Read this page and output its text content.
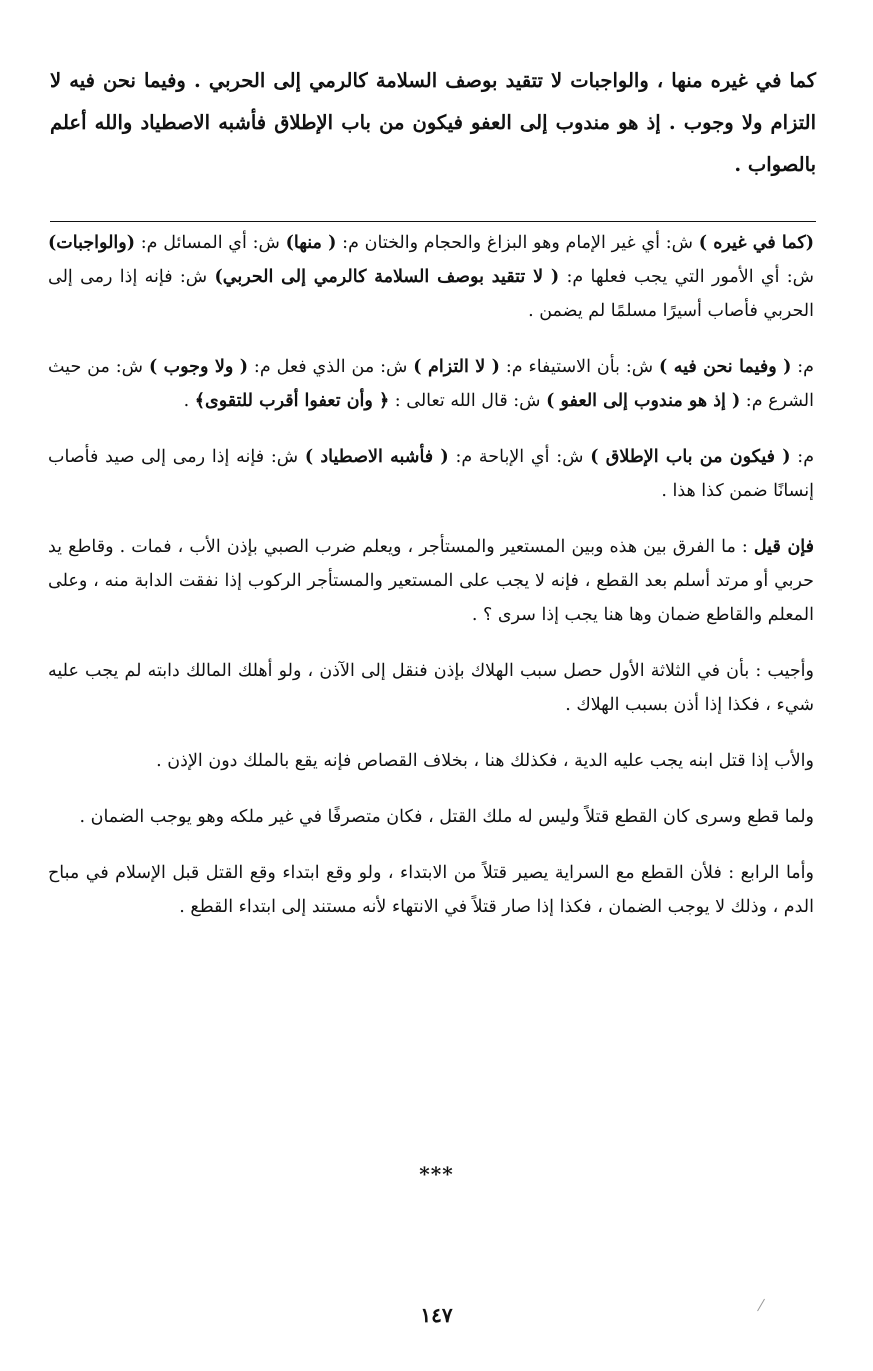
كما في غيره منها ، والواجبات لا تتقيد بوصف السلامة كالرمي إلى الحربي . وفيما نحن فيه لا التزام ولا وجوب . إذ هو مندوب إلى العفو فيكون من باب الإطلاق فأشبه الاصطياد والله أعلم بالصواب .

(كما في غيره ) ش: أي غير الإمام وهو البزاغ والحجام والختان م: ( منها) ش: أي المسائل م: (والواجبات) ش: أي الأمور التي يجب فعلها م: ( لا تتقيد بوصف السلامة كالرمي إلى الحربي) ش: فإنه إذا رمى إلى الحربي فأصاب أسيرًا مسلمًا لم يضمن .

م: ( وفيما نحن فيه ) ش: بأن الاستيفاء م: ( لا التزام ) ش: من الذي فعل م: ( ولا وجوب ) ش: من حيث الشرع م: ( إذ هو مندوب إلى العفو ) ش: قال الله تعالى : ﴿ وأن تعفوا أقرب للتقوى﴾ .

م: ( فيكون من باب الإطلاق ) ش: أي الإباحة م: ( فأشبه الاصطياد ) ش: فإنه إذا رمى إلى صيد فأصاب إنسانًا ضمن كذا هذا .

فإن قيل : ما الفرق بين هذه وبين المستعير والمستأجر ، ويعلم ضرب الصبي بإذن الأب ، فمات . وقاطع يد حربي أو مرتد أسلم بعد القطع ، فإنه لا يجب على المستعير والمستأجر الركوب إذا نفقت الدابة منه ، وعلى المعلم والقاطع ضمان وها هنا يجب إذا سرى ؟ .

وأجيب : بأن في الثلاثة الأول حصل سبب الهلاك بإذن فنقل إلى الآذن ، ولو أهلك المالك دابته لم يجب عليه شيء ، فكذا إذا أذن بسبب الهلاك .

والأب إذا قتل ابنه يجب عليه الدية ، فكذلك هنا ، بخلاف القصاص فإنه يقع بالملك دون الإذن .

ولما قطع وسرى كان القطع قتلاً وليس له ملك القتل ، فكان متصرفًا في غير ملكه وهو يوجب الضمان .

وأما الرابع : فلأن القطع مع السراية يصير قتلاً من الابتداء ، ولو وقع ابتداء وقع القتل قبل الإسلام في مباح الدم ، وذلك لا يوجب الضمان ، فكذا إذا صار قتلاً في الانتهاء لأنه مستند إلى ابتداء القطع .

***
١٤٧
